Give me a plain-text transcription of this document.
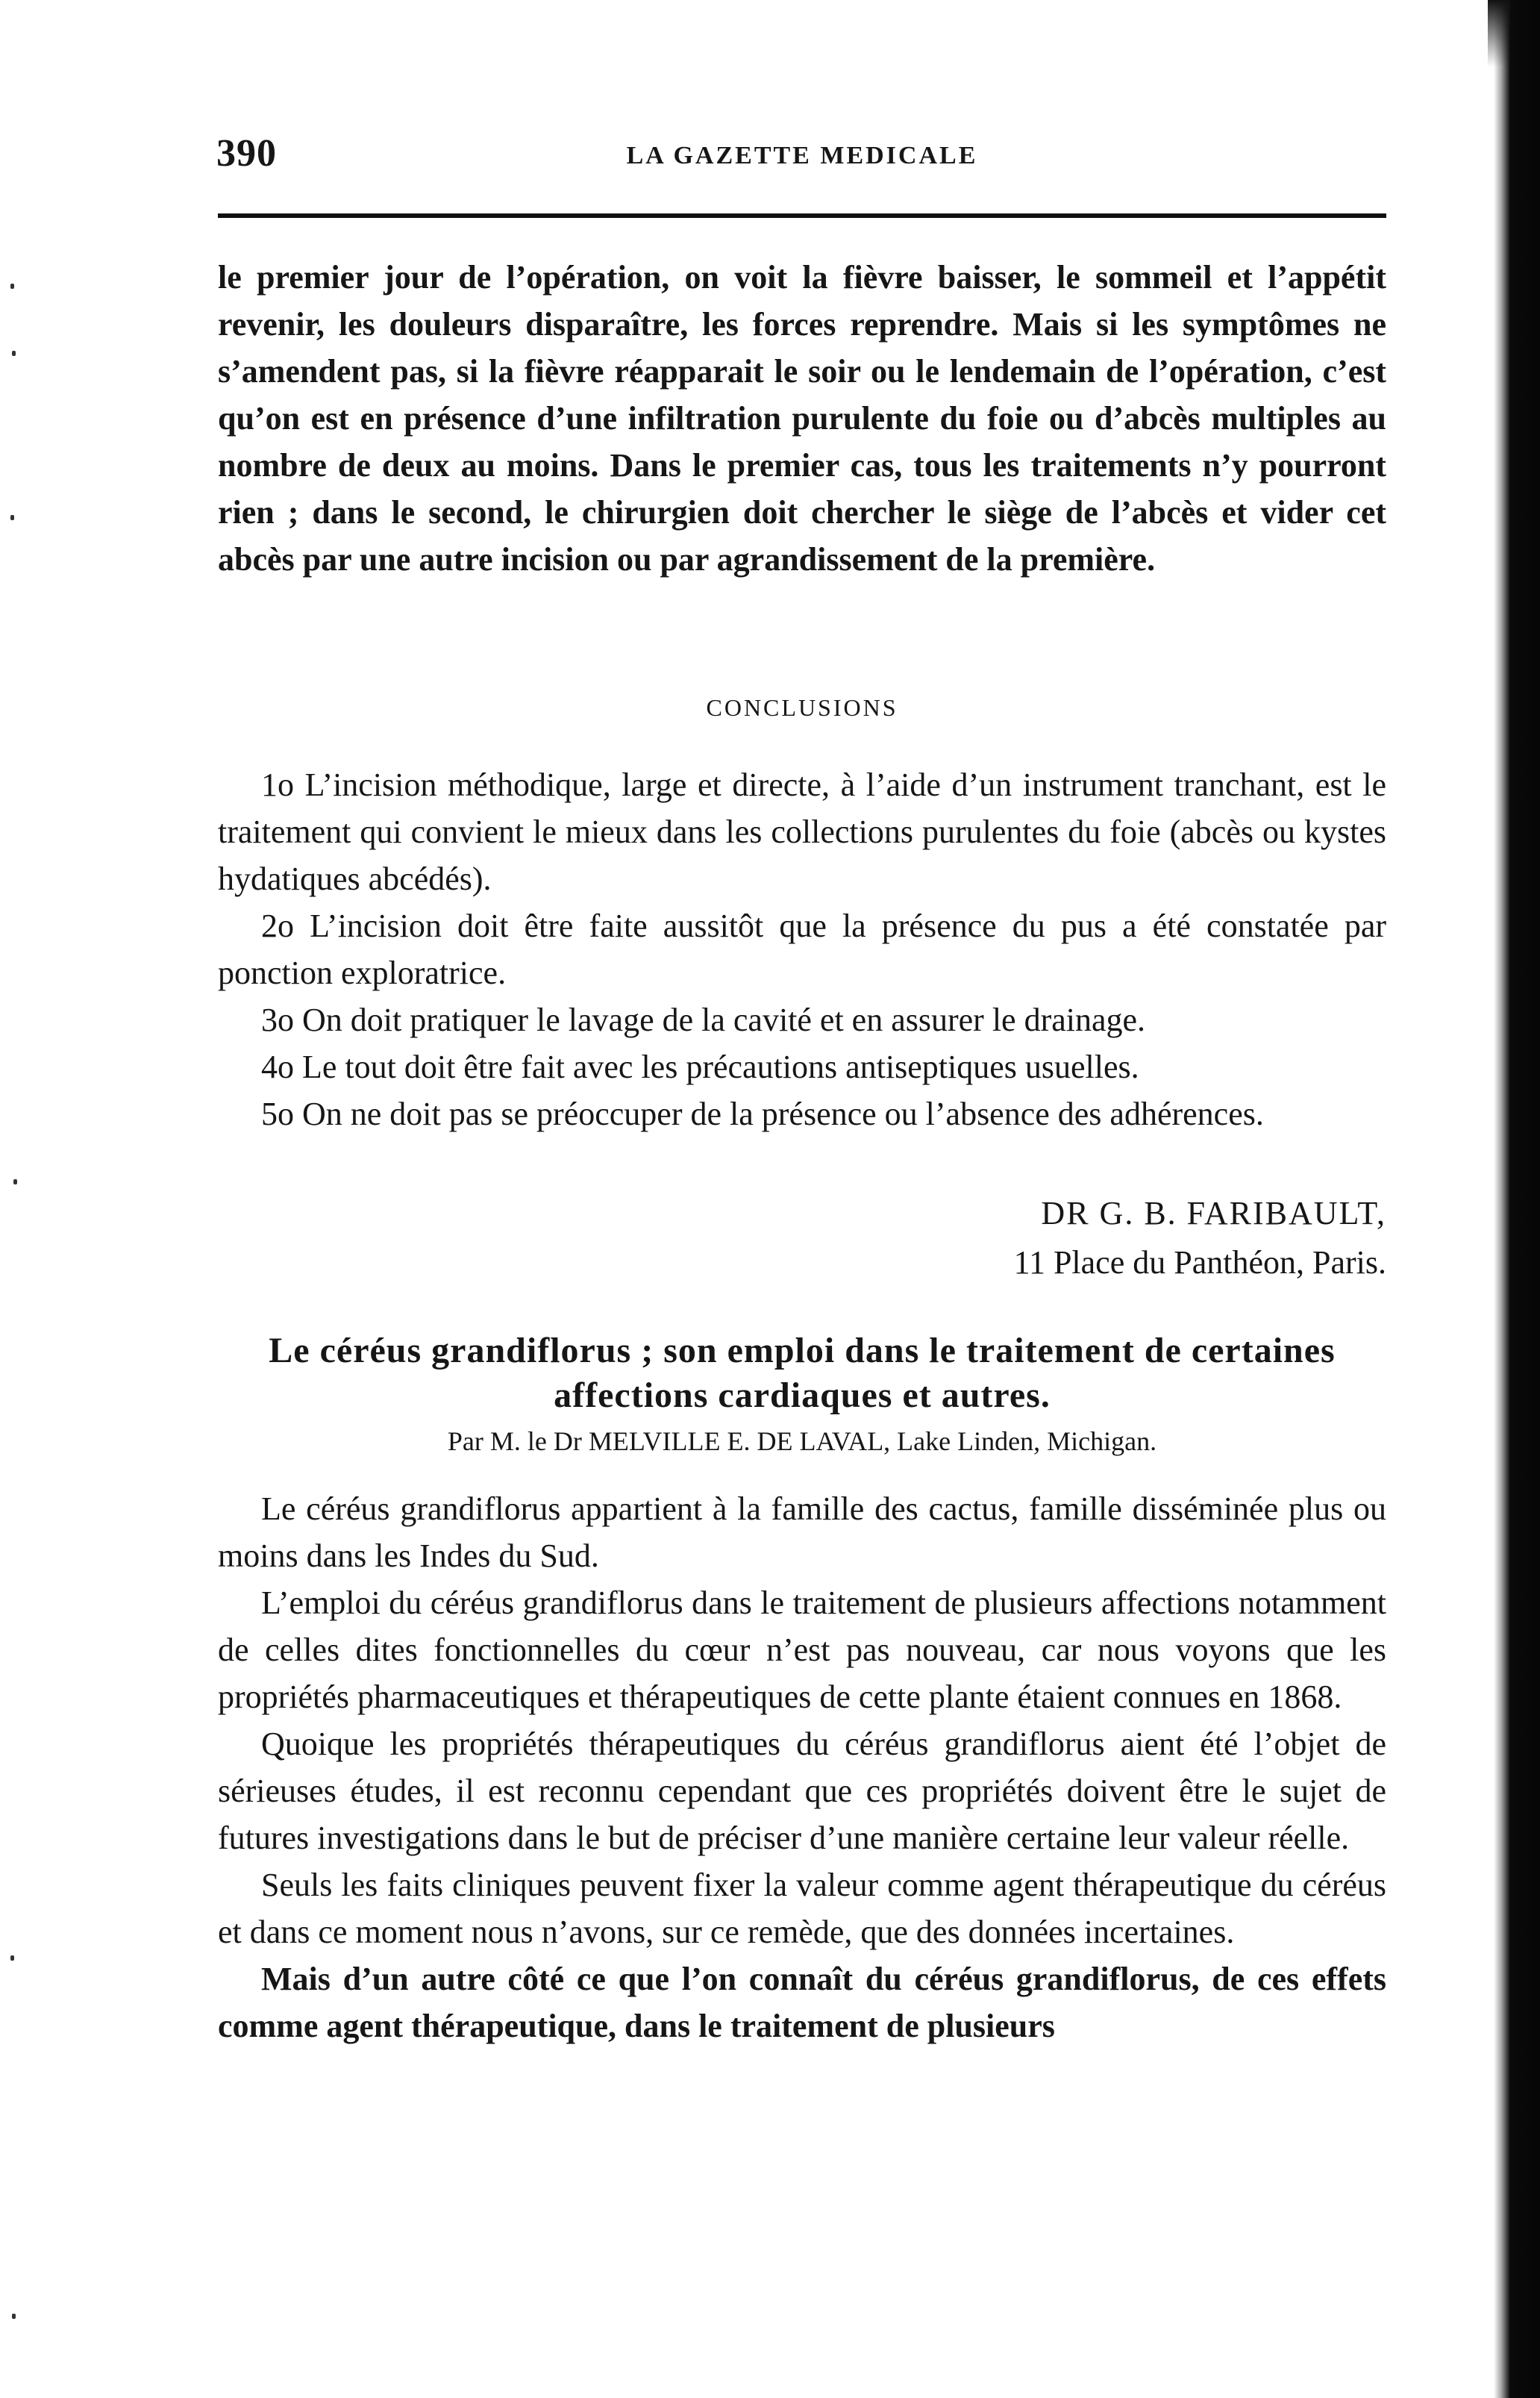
390	LA GAZETTE MEDICALE

le premier jour de l’opération, on voit la fièvre baisser, le sommeil et l’appétit revenir, les douleurs disparaître, les forces reprendre. Mais si les symptômes ne s’amendent pas, si la fièvre réapparait le soir ou le lendemain de l’opération, c’est qu’on est en présence d’une infiltration purulente du foie ou d’abcès multiples au nombre de deux au moins. Dans le premier cas, tous les traitements n’y pourront rien ; dans le second, le chirurgien doit chercher le siège de l’abcès et vider cet abcès par une autre incision ou par agrandissement de la première.

CONCLUSIONS

1o L’incision méthodique, large et directe, à l’aide d’un instrument tranchant, est le traitement qui convient le mieux dans les collections purulentes du foie (abcès ou kystes hydatiques abcédés).

2o L’incision doit être faite aussitôt que la présence du pus a été constatée par ponction exploratrice.

3o On doit pratiquer le lavage de la cavité et en assurer le drainage.

4o Le tout doit être fait avec les précautions antiseptiques usuelles.

5o On ne doit pas se préoccuper de la présence ou l’absence des adhérences.

DR G. B. FARIBAULT,
11 Place du Panthéon, Paris.
Le céréus grandiflorus ; son emploi dans le traitement de certaines affections cardiaques et autres.
Par M. le Dr MELVILLE E. DE LAVAL, Lake Linden, Michigan.

Le céréus grandiflorus appartient à la famille des cactus, famille disséminée plus ou moins dans les Indes du Sud.

L’emploi du céréus grandiflorus dans le traitement de plusieurs affections notamment de celles dites fonctionnelles du cœur n’est pas nouveau, car nous voyons que les propriétés pharmaceutiques et thérapeutiques de cette plante étaient connues en 1868.

Quoique les propriétés thérapeutiques du céréus grandiflorus aient été l’objet de sérieuses études, il est reconnu cependant que ces propriétés doivent être le sujet de futures investigations dans le but de préciser d’une manière certaine leur valeur réelle.

Seuls les faits cliniques peuvent fixer la valeur comme agent thérapeutique du céréus et dans ce moment nous n’avons, sur ce remède, que des données incertaines.

Mais d’un autre côté ce que l’on connaît du céréus grandiflorus, de ces effets comme agent thérapeutique, dans le traitement de plusieurs
